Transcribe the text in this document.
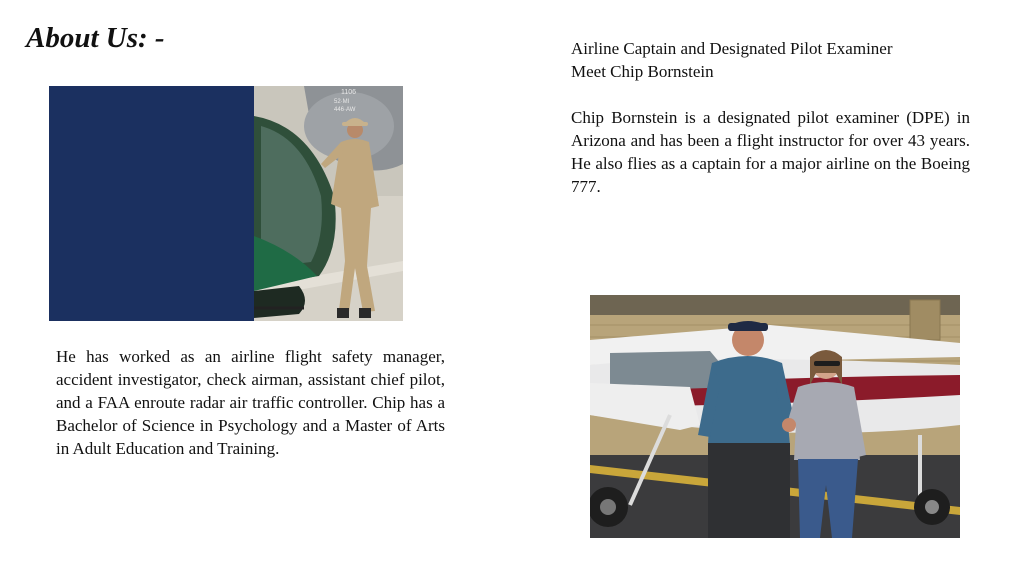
About Us: -	Airline Captain and Designated Pilot Examiner

Meet Chip Bornstein

Chip Bornstein is a designated pilot examiner (DPE) in Arizona and has been a flight instructor for over 43 years. He also flies as a captain for a major airline on the Boeing 777.

1106
52·MI
446·AW
He has worked as an airline flight safety manager, accident investigator, check airman, assistant chief pilot, and a FAA enroute radar air traffic controller. Chip has a Bachelor of Science in Psychology and a Master of Arts in Adult Education and Training.
